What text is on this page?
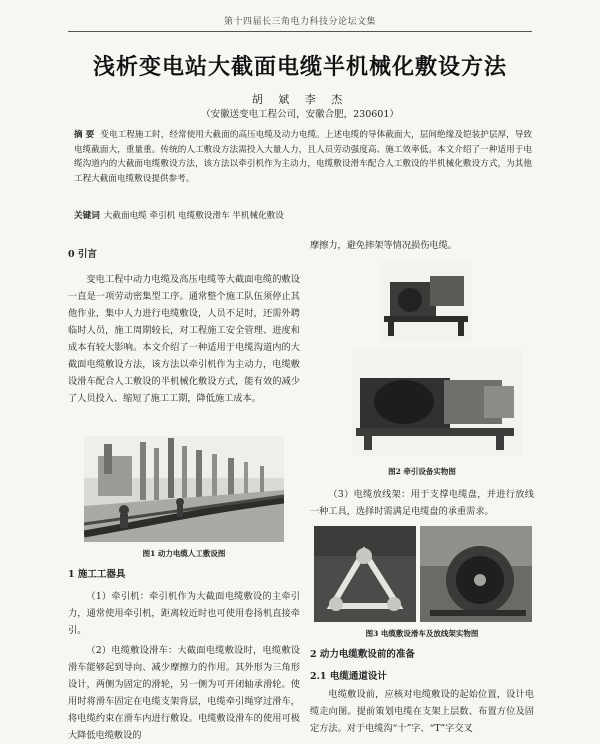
第十四届长三角电力科技分论坛文集
浅析变电站大截面电缆半机械化敷设方法
胡 斌 李 杰
（安徽送变电工程公司，安徽合肥，230601）
摘 要 变电工程施工时，经常使用大截面的高压电缆及动力电缆。上述电缆的导体截面大，层间绝缘及铠装护层厚，导致电缆截面大，重量重。传统的人工敷设方法需投入大量人力，且人员劳动强度高、施工效率低。本文介绍了一种适用于电缆沟道内的大截面电缆敷设方法，该方法以牵引机作为主动力，电缆敷设滑车配合人工敷设的半机械化敷设方式，为其他工程大截面电缆敷设提供参考。
关键词 大截面电缆 牵引机 电缆敷设滑车 半机械化敷设
0 引言

变电工程中动力电缆及高压电缆等大截面电缆的敷设一直是一项劳动密集型工序。通常整个施工队伍须停止其他作业，集中人力进行电缆敷设，人员不足时，还需外聘临时人员，施工周期较长，对工程施工安全管理、进度和成本有较大影响。本文介绍了一种适用于电缆沟道内的大截面电缆敷设方法，该方法以牵引机作为主动力，电缆敷设滑车配合人工敷设的半机械化敷设方式，能有效的减少了人员投入、缩短了施工工期，降低施工成本。

图1 动力电缆人工敷设图
1 施工工器具

（1）牵引机：牵引机作为大截面电缆敷设的主牵引力，通常使用牵引机，距离较近时也可使用卷扬机直接牵引。

（2）电缆敷设滑车：大截面电缆敷设时，电缆敷设滑车能够起到导向、减少摩擦力的作用。其外形为三角形设计，两侧为固定的滑轮，另一侧为可开闭轴承滑轮。使用时将滑车固定在电缆支架背层，电缆牵引绳穿过滑车，将电缆约束在滑车内进行敷设。电缆敷设滑车的使用可极大降低电缆敷设的

摩擦力，避免摔架等情况损伤电缆。

图2 牵引设备实物图

（3）电缆放线架：用于支撑电缆盘，并进行放线一种工具，选择时需满足电缆盘的承重需求。

图3 电缆敷设滑车及放线架实物图
2 动力电缆敷设前的准备
2.1 电缆通道设计

电缆敷设前，应核对电缆敷设的起始位置，设计电缆走向图。提前策划电缆在支架上层数、布置方位及固定方法。对于电缆沟“十”字、“T”字交叉
